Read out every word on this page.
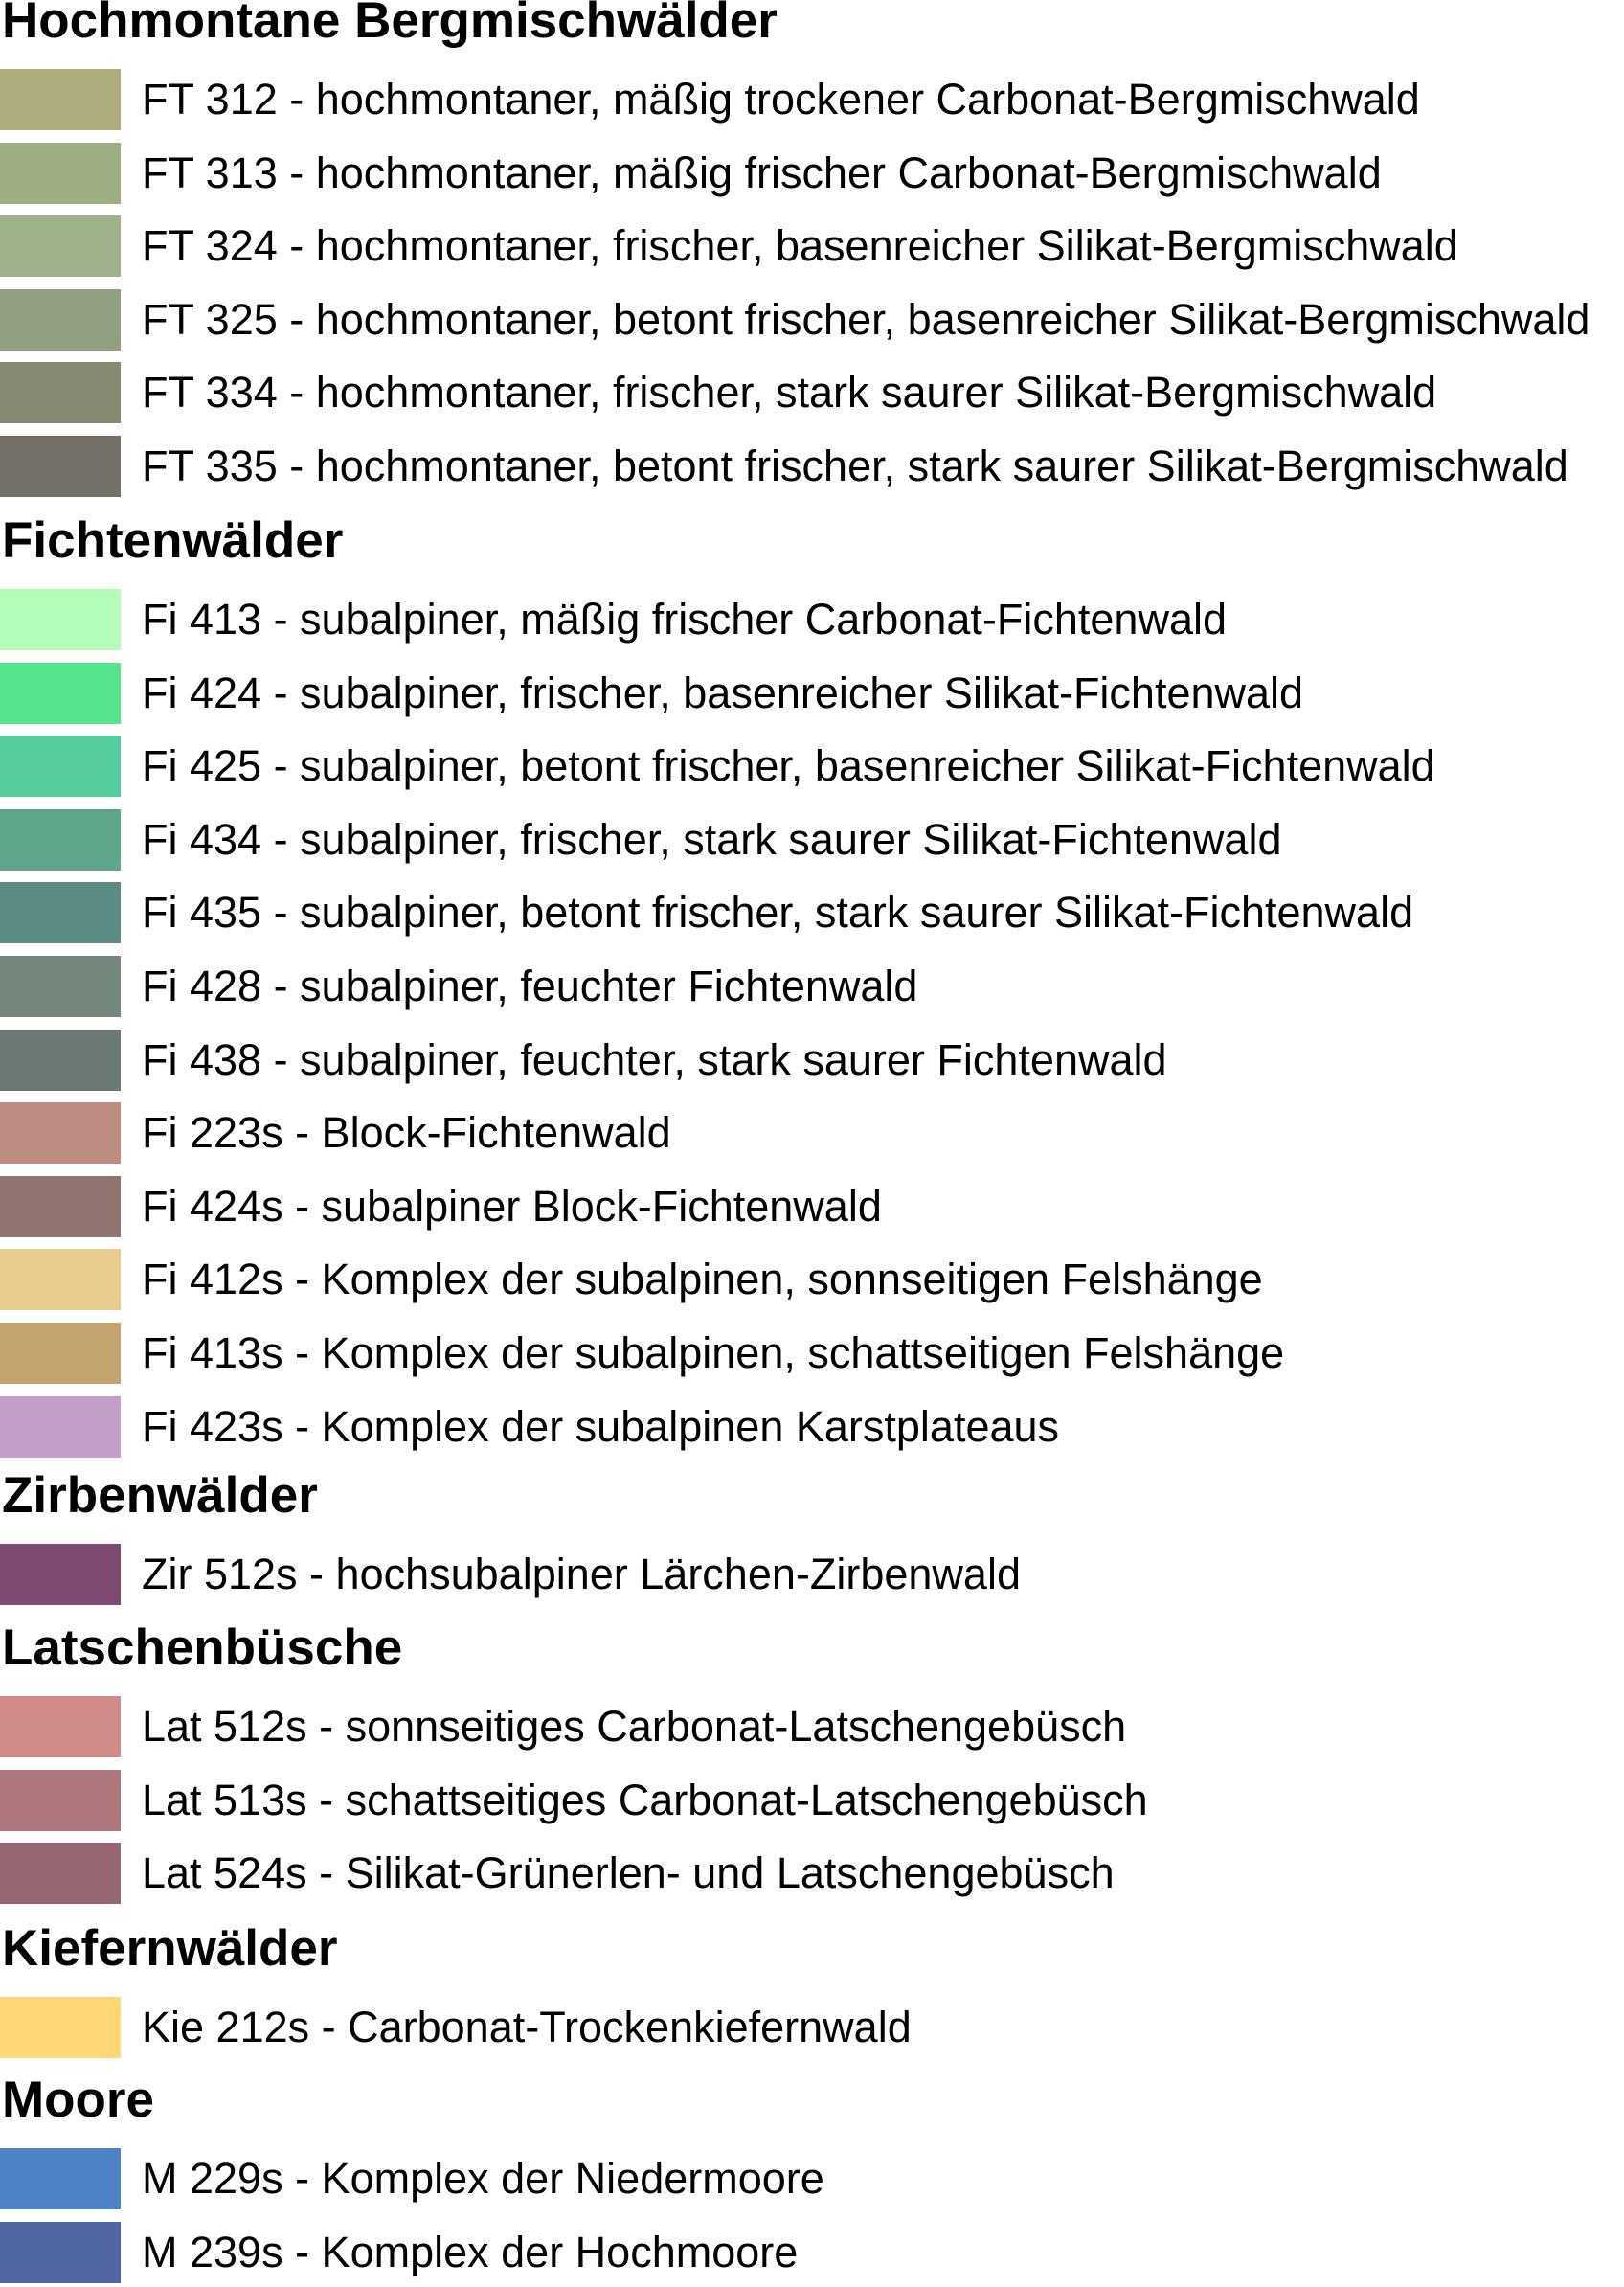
Hochmontane Bergmischwälder
FT 312 - hochmontaner, mäßig trockener Carbonat-Bergmischwald
FT 313 - hochmontaner, mäßig frischer Carbonat-Bergmischwald
FT 324 - hochmontaner, frischer, basenreicher Silikat-Bergmischwald
FT 325 - hochmontaner, betont frischer, basenreicher Silikat-Bergmischwald
FT 334 - hochmontaner, frischer, stark saurer Silikat-Bergmischwald
FT 335 - hochmontaner, betont frischer, stark saurer Silikat-Bergmischwald
Fichtenwälder
Fi 413 - subalpiner, mäßig frischer Carbonat-Fichtenwald
Fi 424 - subalpiner, frischer, basenreicher Silikat-Fichtenwald
Fi 425 - subalpiner, betont frischer, basenreicher Silikat-Fichtenwald
Fi 434 - subalpiner, frischer, stark saurer Silikat-Fichtenwald
Fi 435 - subalpiner, betont frischer, stark saurer Silikat-Fichtenwald
Fi 428 - subalpiner, feuchter Fichtenwald
Fi 438 - subalpiner, feuchter, stark saurer Fichtenwald
Fi 223s - Block-Fichtenwald
Fi 424s - subalpiner Block-Fichtenwald
Fi 412s - Komplex der subalpinen, sonnseitigen Felshänge
Fi 413s - Komplex der subalpinen, schattseitigen Felshänge
Fi 423s - Komplex der subalpinen Karstplateaus
Zirbenwälder
Zir 512s - hochsubalpiner Lärchen-Zirbenwald
Latschenbüsche
Lat 512s - sonnseitiges Carbonat-Latschengebüsch
Lat 513s - schattseitiges Carbonat-Latschengebüsch
Lat 524s - Silikat-Grünerlen- und Latschengebüsch
Kiefernwälder
Kie 212s - Carbonat-Trockenkiefernwald
Moore
M 229s - Komplex der Niedermoore
M 239s - Komplex der Hochmoore
